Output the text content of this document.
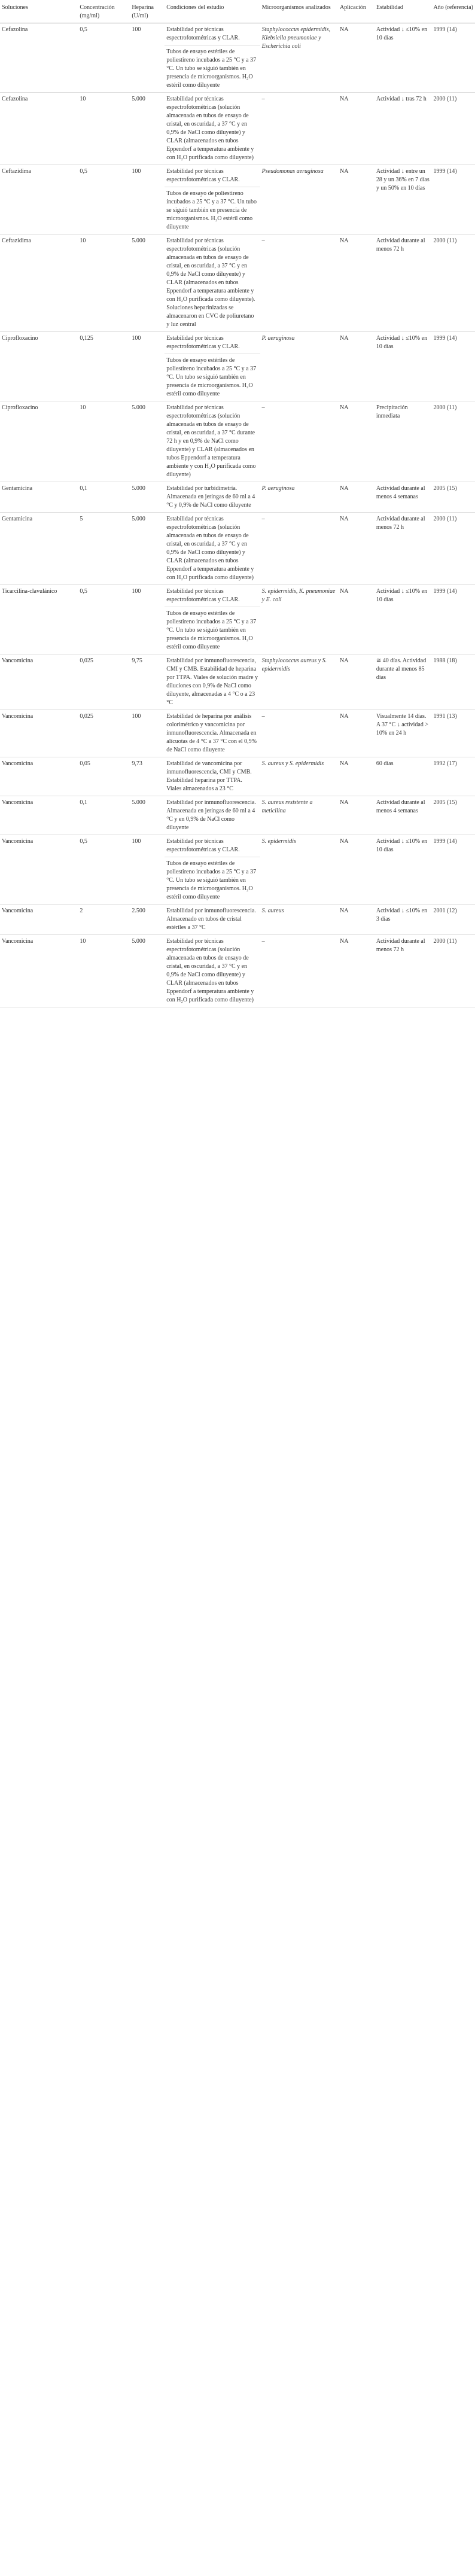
Soluciones	Concentración (mg/ml)	Heparina (U/ml)	Condiciones del estudio	Microorganismos analizados	Aplicación	Estabilidad	Año (referencia)
Cefazolina	0,5	100	Estabilidad por técnicas espectrofotométricas y CLAR.	Staphylococcus epidermidis, Klebsiella pneumoniae y Escherichia coli	NA	Actividad ↓ ≤10% en 10 días	1999 (14)
			Tubos de ensayo estériles de poliestireno incubados a 25 °C y a 37 °C. Un tubo se siguió también en presencia de microorganismos. H₂O estéril como diluyente				
Cefazolina	10	5.000	Estabilidad por técnicas espectrofotométricas (solución almacenada en tubos de ensayo de cristal, en oscuridad, a 37 °C y en 0,9% de NaCl como diluyente) y CLAR (almacenados en tubos Eppendorf a temperatura ambiente y con H₂O purificada como diluyente)	–	NA	Actividad ↓ tras 72 h	2000 (11)
Ceftazidima	0,5	100	Estabilidad por técnicas espectrofotométricas y CLAR.	Pseudomonas aeruginosa	NA	Actividad ↓ entre un 28 y un 36% en 7 días y un 50% en 10 días	1999 (14)
			Tubos de ensayo de poliestireno incubados a 25 °C y a 37 °C. Un tubo se siguió también en presencia de microorganismos. H₂O estéril como diluyente				
Ceftazidima	10	5.000	Estabilidad por técnicas espectrofotométricas (solución almacenada en tubos de ensayo de cristal, en oscuridad, a 37 °C y en 0,9% de NaCl como diluyente) y CLAR (almacenados en tubos Eppendorf a temperatura ambiente y con H₂O purificada como diluyente). Soluciones heparinizadas se almacenaron en CVC de poliuretano y luz central	–	NA	Actividad durante al menos 72 h	2000 (11)
Ciprofloxacino	0,125	100	Estabilidad por técnicas espectrofotométricas y CLAR.	P. aeruginosa	NA	Actividad ↓ ≤10% en 10 días	1999 (14)
			Tubos de ensayo estériles de poliestireno incubados a 25 °C y a 37 °C. Un tubo se siguió también en presencia de microorganismos. H₂O estéril como diluyente				
Ciprofloxacino	10	5.000	Estabilidad por técnicas espectrofotométricas (solución almacenada en tubos de ensayo de cristal, en oscuridad, a 37 °C durante 72 h y en 0,9% de NaCl como diluyente) y CLAR (almacenados en tubos Eppendorf a temperatura ambiente y con H₂O purificada como diluyente)	–	NA	Precipitación inmediata	2000 (11)
Gentamicina	0,1	5.000	Estabilidad por turbidimetría. Almacenada en jeringas de 60 ml a 4 °C y 0,9% de NaCl como diluyente	P. aeruginosa	NA	Actividad durante al menos 4 semanas	2005 (15)
Gentamicina	5	5.000	Estabilidad por técnicas espectrofotométricas (solución almacenada en tubos de ensayo de cristal, en oscuridad, a 37 °C y en 0,9% de NaCl como diluyente) y CLAR (almacenados en tubos Eppendorf a temperatura ambiente y con H₂O purificada como diluyente)	–	NA	Actividad durante al menos 72 h	2000 (11)
Ticarcilina-clavulánico	0,5	100	Estabilidad por técnicas espectrofotométricas y CLAR.	S. epidermidis, K. pneumoniae y E. coli	NA	Actividad ↓ ≤10% en 10 días	1999 (14)
			Tubos de ensayo estériles de poliestireno incubados a 25 °C y a 37 °C. Un tubo se siguió también en presencia de microorganismos. H₂O estéril como diluyente				
Vancomicina	0,025	9,75	Estabilidad por inmunofluorescencia, CMI y CMB. Estabilidad de heparina por TTPA. Viales de solución madre y diluciones con 0,9% de NaCl como diluyente, almacenadas a 4 °C o a 23 °C	Staphylococcus aureus y S. epidermidis	NA	≅ 40 días. Actividad durante al menos 85 días	1988 (18)
Vancomicina	0,025	100	Estabilidad de heparina por análisis colorimétrico y vancomicina por inmunofluorescencia. Almacenada en alícuotas de 4 °C a 37 °C con el 0,9% de NaCl como diluyente	–	NA	Visualmente 14 días. A 37 °C ↓ actividad > 10% en 24 h	1991 (13)
Vancomicina	0,05	9,73	Estabilidad de vancomicina por inmunofluorescencia, CMI y CMB. Estabilidad heparina por TTPA. Viales almacenados a 23 °C	S. aureus y S. epidermidis	NA	60 días	1992 (17)
Vancomicina	0,1	5.000	Estabilidad por inmunofluorescencia. Almacenada en jeringas de 60 ml a 4 °C y en 0,9% de NaCl como diluyente	S. aureus resistente a meticilina	NA	Actividad durante al menos 4 semanas	2005 (15)
Vancomicina	0,5	100	Estabilidad por técnicas espectrofotométricas y CLAR.	S. epidermidis	NA	Actividad ↓ ≤10% en 10 días	1999 (14)
			Tubos de ensayo estériles de poliestireno incubados a 25 °C y a 37 °C. Un tubo se siguió también en presencia de microorganismos. H₂O estéril como diluyente				
Vancomicina	2	2.500	Estabilidad por inmunofluorescencia. Almacenado en tubos de cristal estériles a 37 °C	S. aureus	NA	Actividad ↓ ≤10% en 3 días	2001 (12)
Vancomicina	10	5.000	Estabilidad por técnicas espectrofotométricas (solución almacenada en tubos de ensayo de cristal, en oscuridad, a 37 °C y en 0,9% de NaCl como diluyente) y CLAR (almacenados en tubos Eppendorf a temperatura ambiente y con H₂O purificada como diluyente)	–	NA	Actividad durante al menos 72 h	2000 (11)
